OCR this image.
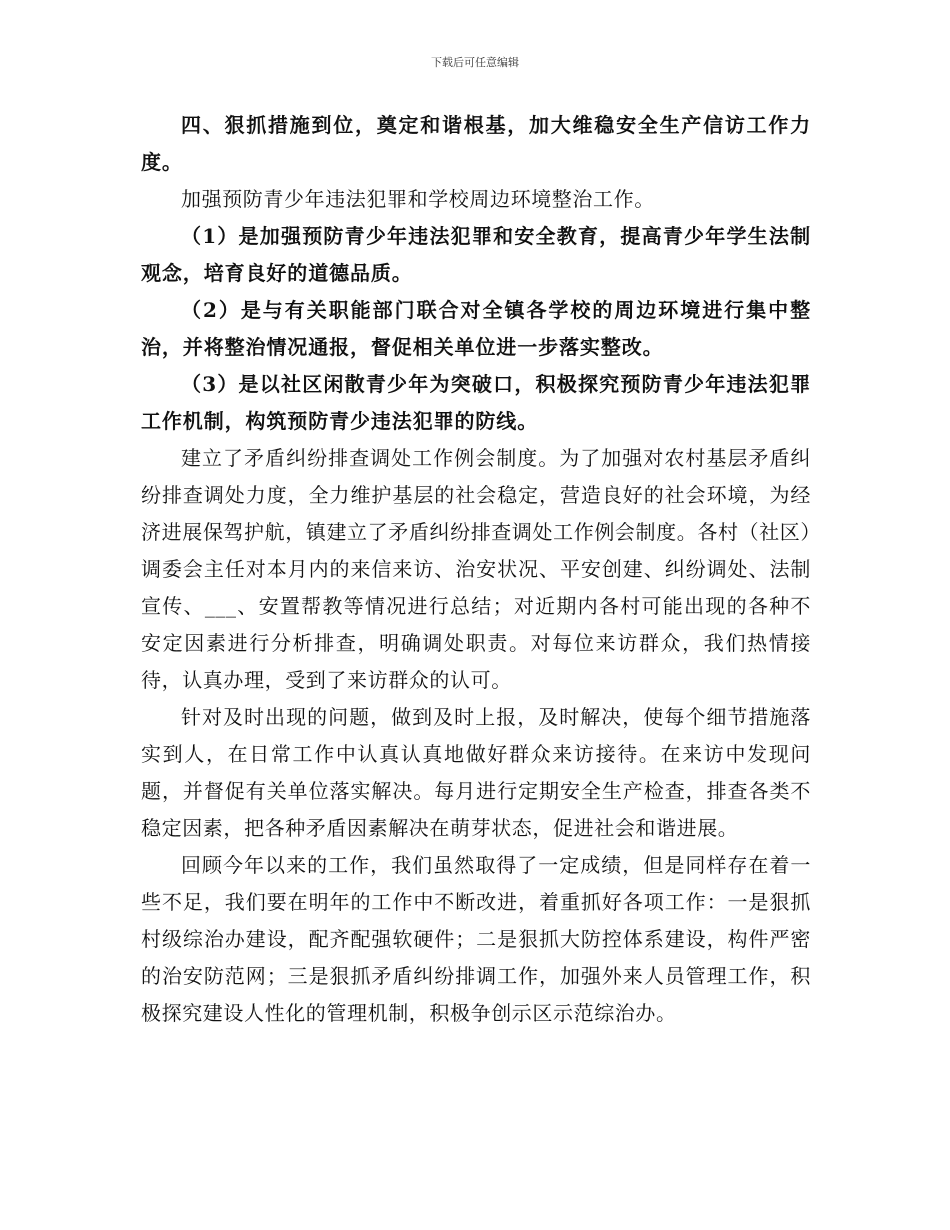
下载后可任意编辑

四、狠抓措施到位，奠定和谐根基，加大维稳安全生产信访工作力度。

加强预防青少年违法犯罪和学校周边环境整治工作。

（1）是加强预防青少年违法犯罪和安全教育，提高青少年学生法制观念，培育良好的道德品质。

（2）是与有关职能部门联合对全镇各学校的周边环境进行集中整治，并将整治情况通报，督促相关单位进一步落实整改。

（3）是以社区闲散青少年为突破口，积极探究预防青少年违法犯罪工作机制，构筑预防青少违法犯罪的防线。

建立了矛盾纠纷排查调处工作例会制度。为了加强对农村基层矛盾纠纷排查调处力度，全力维护基层的社会稳定，营造良好的社会环境，为经济进展保驾护航，镇建立了矛盾纠纷排查调处工作例会制度。各村（社区）调委会主任对本月内的来信来访、治安状况、平安创建、纠纷调处、法制宣传、___、安置帮教等情况进行总结；对近期内各村可能出现的各种不安定因素进行分析排查，明确调处职责。对每位来访群众，我们热情接待，认真办理，受到了来访群众的认可。

针对及时出现的问题，做到及时上报，及时解决，使每个细节措施落实到人，在日常工作中认真认真地做好群众来访接待。在来访中发现问题，并督促有关单位落实解决。每月进行定期安全生产检查，排查各类不稳定因素，把各种矛盾因素解决在萌芽状态，促进社会和谐进展。

回顾今年以来的工作，我们虽然取得了一定成绩，但是同样存在着一些不足，我们要在明年的工作中不断改进，着重抓好各项工作：一是狠抓村级综治办建设，配齐配强软硬件；二是狠抓大防控体系建设，构件严密的治安防范网；三是狠抓矛盾纠纷排调工作，加强外来人员管理工作，积极探究建设人性化的管理机制，积极争创示区示范综治办。
